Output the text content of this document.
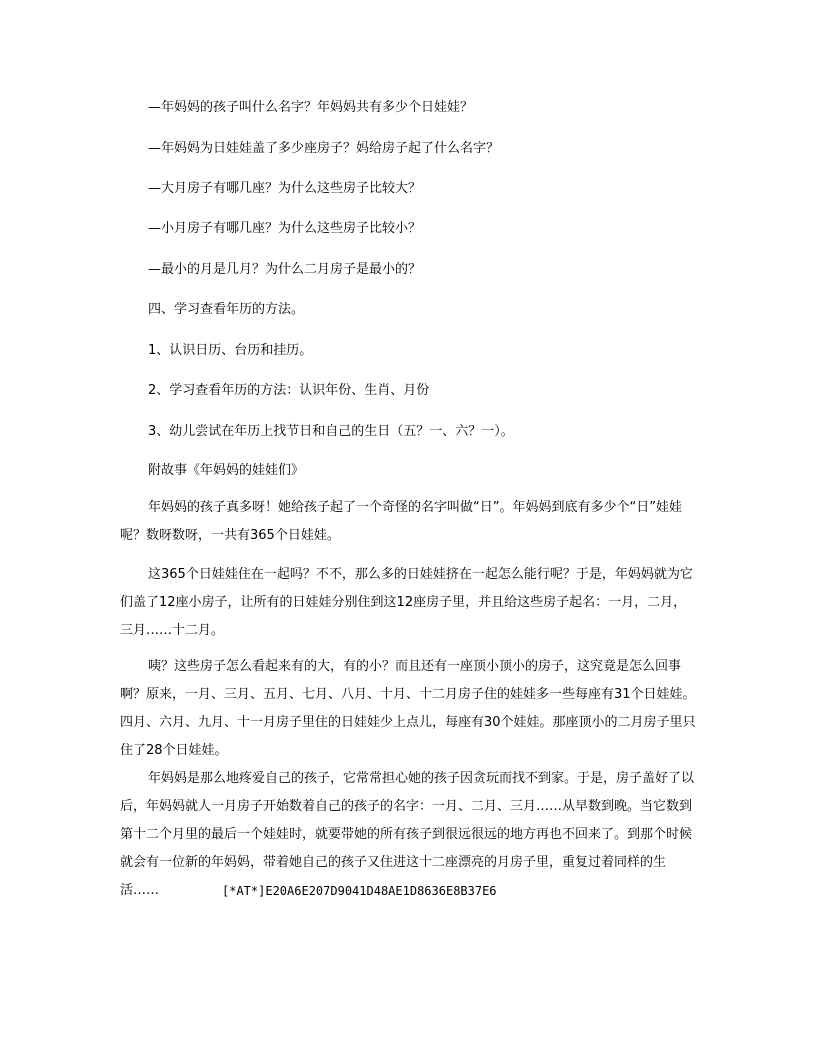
—年妈妈的孩子叫什么名字？年妈妈共有多少个日娃娃？
—年妈妈为日娃娃盖了多少座房子？妈给房子起了什么名字？
—大月房子有哪几座？为什么这些房子比较大？
—小月房子有哪几座？为什么这些房子比较小？
—最小的月是几月？为什么二月房子是最小的？
四、学习查看年历的方法。
1、认识日历、台历和挂历。
2、学习查看年历的方法：认识年份、生肖、月份
3、幼儿尝试在年历上找节日和自己的生日（五？一、六？一）。
附故事《年妈妈的娃娃们》

年妈妈的孩子真多呀！她给孩子起了一个奇怪的名字叫做“日”。年妈妈到底有多少个“日”娃娃呢？数呀数呀，一共有365个日娃娃。

这365个日娃娃住在一起吗？不不，那么多的日娃娃挤在一起怎么能行呢？于是，年妈妈就为它们盖了12座小房子，让所有的日娃娃分别住到这12座房子里，并且给这些房子起名：一月，二月，三月……十二月。

咦？这些房子怎么看起来有的大，有的小？而且还有一座顶小顶小的房子，这究竟是怎么回事啊？原来，一月、三月、五月、七月、八月、十月、十二月房子住的娃娃多一些每座有31个日娃娃。四月、六月、九月、十一月房子里住的日娃娃少上点儿，每座有30个娃娃。那座顶小的二月房子里只住了28个日娃娃。

年妈妈是那么地疼爱自己的孩子，它常常担心她的孩子因贪玩而找不到家。于是，房子盖好了以后，年妈妈就人一月房子开始数着自己的孩子的名字：一月、二月、三月……从早数到晚。当它数到第十二个月里的最后一个娃娃时，就要带她的所有孩子到很远很远的地方再也不回来了。到那个时候就会有一位新的年妈妈，带着她自己的孩子又住进这十二座漂亮的月房子里，重复过着同样的生活……	[*AT*]E20A6E207D9041D48AE1D8636E8B37E6
